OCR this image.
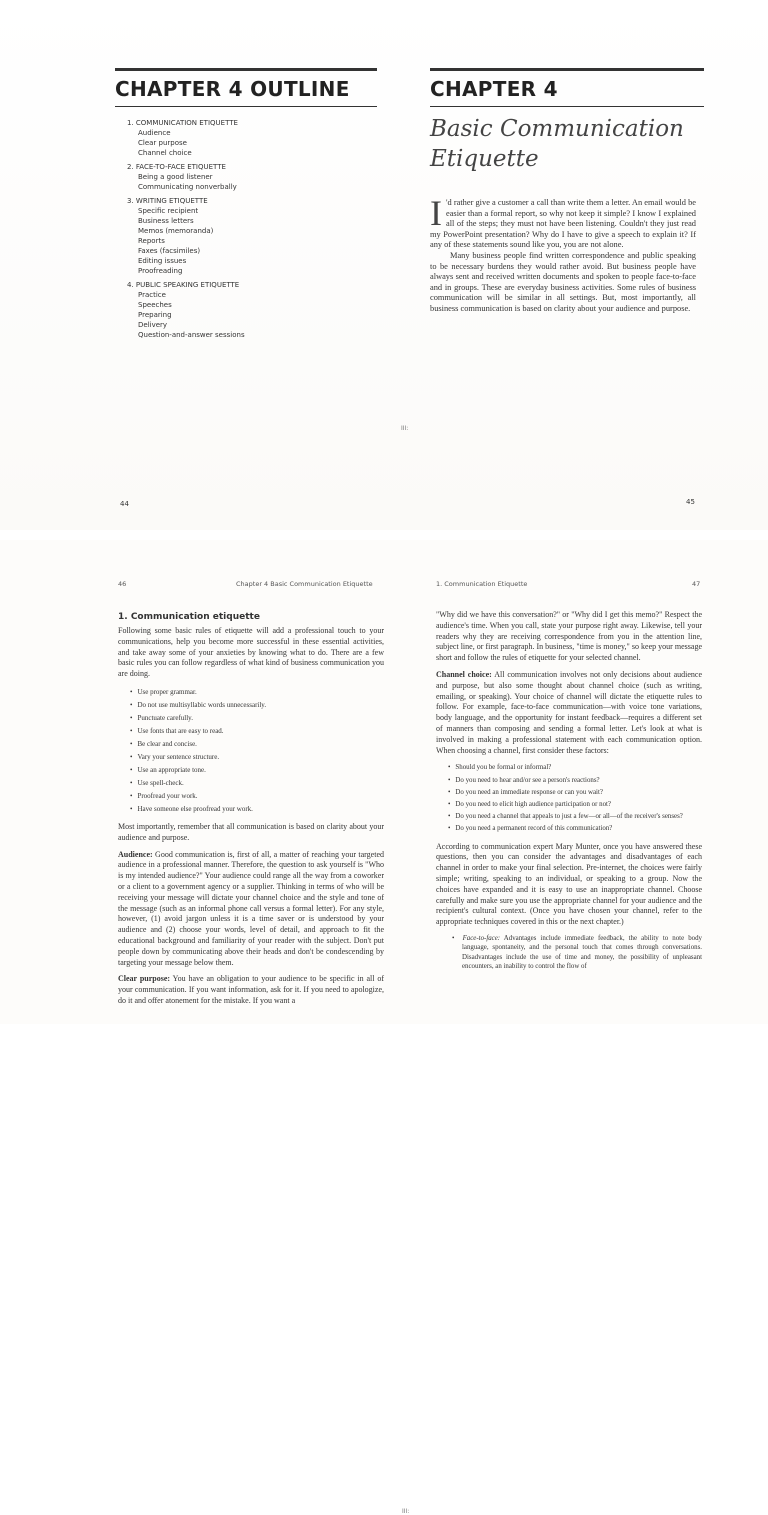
CHAPTER 4 OUTLINE
1. COMMUNICATION ETIQUETTE
Audience
Clear purpose
Channel choice
2. FACE-TO-FACE ETIQUETTE
Being a good listener
Communicating nonverbally
3. WRITING ETIQUETTE
Specific recipient
Business letters
Memos (memoranda)
Reports
Faxes (facsimiles)
Editing issues
Proofreading
4. PUBLIC SPEAKING ETIQUETTE
Practice
Speeches
Preparing
Delivery
Question-and-answer sessions
44
III:
CHAPTER 4
Basic Communication
Etiquette

I 'd rather give a customer a call than write them a letter. An email would be easier than a formal report, so why not keep it simple? I know I explained all of the steps; they must not have been listening. Couldn't they just read my PowerPoint presentation? Why do I have to give a speech to explain it? If any of these statements sound like you, you are not alone.

Many business people find written correspondence and public speaking to be necessary burdens they would rather avoid. But business people have always sent and received written documents and spoken to people face-to-face and in groups. These are everyday business activities. Some rules of business communication will be similar in all settings. But, most importantly, all business communication is based on clarity about your audience and purpose.

45
46	Chapter 4 Basic Communication Etiquette
1. Communication etiquette

Following some basic rules of etiquette will add a professional touch to your communications, help you become more successful in these essential activities, and take away some of your anxieties by knowing what to do. There are a few basic rules you can follow regardless of what kind of business communication you are doing.

• Use proper grammar.
• Do not use multisyllabic words unnecessarily.
• Punctuate carefully.
• Use fonts that are easy to read.
• Be clear and concise.
• Vary your sentence structure.
• Use an appropriate tone.
• Use spell-check.
• Proofread your work.
• Have someone else proofread your work.

Most importantly, remember that all communication is based on clarity about your audience and purpose.

Audience: Good communication is, first of all, a matter of reaching your targeted audience in a professional manner. Therefore, the question to ask yourself is "Who is my intended audience?" Your audience could range all the way from a coworker or a client to a government agency or a supplier. Thinking in terms of who will be receiving your message will dictate your channel choice and the style and tone of the message (such as an informal phone call versus a formal letter). For any style, however, (1) avoid jargon unless it is a time saver or is understood by your audience and (2) choose your words, level of detail, and approach to fit the educational background and familiarity of your reader with the subject. Don't put people down by communicating above their heads and don't be condescending by targeting your message below them.

Clear purpose: You have an obligation to your audience to be specific in all of your communication. If you want information, ask for it. If you need to apologize, do it and offer atonement for the mistake. If you want a

1. Communication Etiquette	47

"Why did we have this conversation?" or "Why did I get this memo?" Respect the audience's time. When you call, state your purpose right away. Likewise, tell your readers why they are receiving correspondence from you in the attention line, subject line, or first paragraph. In business, "time is money," so keep your message short and follow the rules of etiquette for your selected channel.

Channel choice: All communication involves not only decisions about audience and purpose, but also some thought about channel choice (such as writing, emailing, or speaking). Your choice of channel will dictate the etiquette rules to follow. For example, face-to-face communication—with voice tone variations, body language, and the opportunity for instant feedback—requires a different set of manners than composing and sending a formal letter. Let's look at what is involved in making a professional statement with each communication option. When choosing a channel, first consider these factors:

• Should you be formal or informal?
• Do you need to hear and/or see a person's reactions?
• Do you need an immediate response or can you wait?
• Do you need to elicit high audience participation or not?
• Do you need a channel that appeals to just a few—or all—of the receiver's senses?
• Do you need a permanent record of this communication?

According to communication expert Mary Munter, once you have answered these questions, then you can consider the advantages and disadvantages of each channel in order to make your final selection. Pre-internet, the choices were fairly simple; writing, speaking to an individual, or speaking to a group. Now the choices have expanded and it is easy to use an inappropriate channel. Choose carefully and make sure you use the appropriate channel for your audience and the recipient's cultural context. (Once you have chosen your channel, refer to the appropriate techniques covered in this or the next chapter.)

•  Face-to-face: Advantages include immediate feedback, the ability to note body language, spontaneity, and the personal touch that comes through conversations. Disadvantages include the use of time and money, the possibility of unpleasant encounters, an inability to control the flow of

III:
